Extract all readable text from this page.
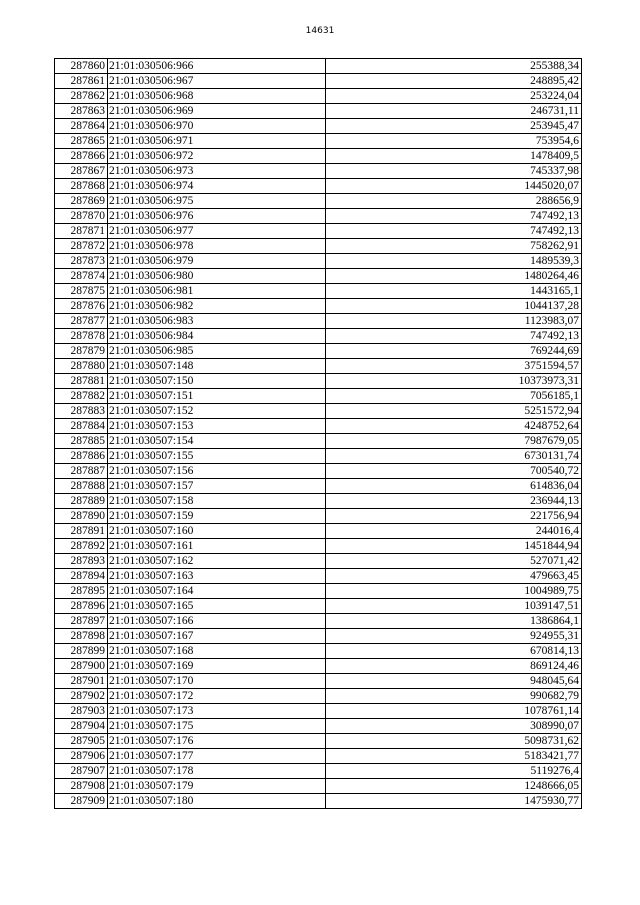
14631
287860	21:01:030506:966	255388,34
287861	21:01:030506:967	248895,42
287862	21:01:030506:968	253224,04
287863	21:01:030506:969	246731,11
287864	21:01:030506:970	253945,47
287865	21:01:030506:971	753954,6
287866	21:01:030506:972	1478409,5
287867	21:01:030506:973	745337,98
287868	21:01:030506:974	1445020,07
287869	21:01:030506:975	288656,9
287870	21:01:030506:976	747492,13
287871	21:01:030506:977	747492,13
287872	21:01:030506:978	758262,91
287873	21:01:030506:979	1489539,3
287874	21:01:030506:980	1480264,46
287875	21:01:030506:981	1443165,1
287876	21:01:030506:982	1044137,28
287877	21:01:030506:983	1123983,07
287878	21:01:030506:984	747492,13
287879	21:01:030506:985	769244,69
287880	21:01:030507:148	3751594,57
287881	21:01:030507:150	10373973,31
287882	21:01:030507:151	7056185,1
287883	21:01:030507:152	5251572,94
287884	21:01:030507:153	4248752,64
287885	21:01:030507:154	7987679,05
287886	21:01:030507:155	6730131,74
287887	21:01:030507:156	700540,72
287888	21:01:030507:157	614836,04
287889	21:01:030507:158	236944,13
287890	21:01:030507:159	221756,94
287891	21:01:030507:160	244016,4
287892	21:01:030507:161	1451844,94
287893	21:01:030507:162	527071,42
287894	21:01:030507:163	479663,45
287895	21:01:030507:164	1004989,75
287896	21:01:030507:165	1039147,51
287897	21:01:030507:166	1386864,1
287898	21:01:030507:167	924955,31
287899	21:01:030507:168	670814,13
287900	21:01:030507:169	869124,46
287901	21:01:030507:170	948045,64
287902	21:01:030507:172	990682,79
287903	21:01:030507:173	1078761,14
287904	21:01:030507:175	308990,07
287905	21:01:030507:176	5098731,62
287906	21:01:030507:177	5183421,77
287907	21:01:030507:178	5119276,4
287908	21:01:030507:179	1248666,05
287909	21:01:030507:180	1475930,77
